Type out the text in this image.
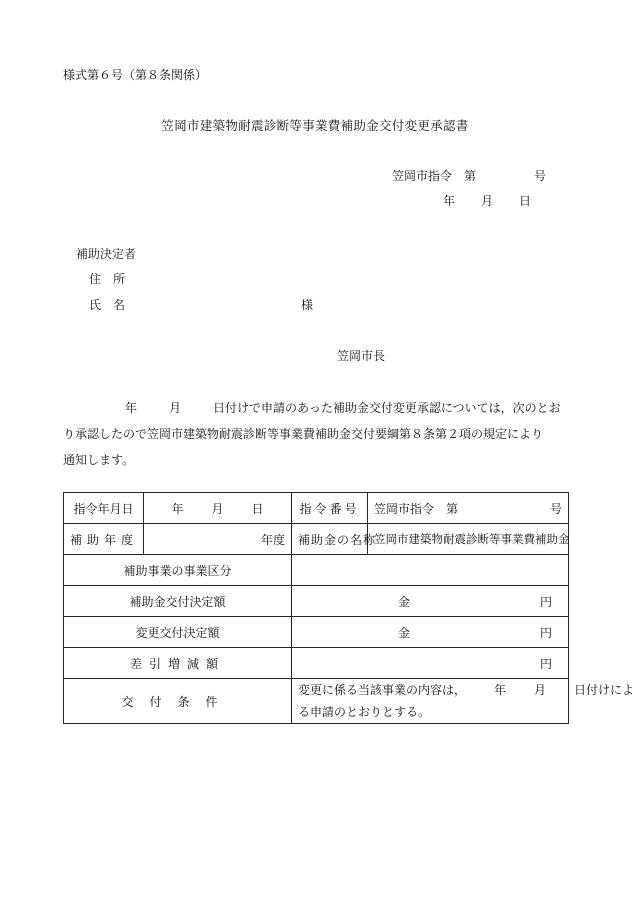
様式第６号（第８条関係）
笠岡市建築物耐震診断等事業費補助金交付変更承認書
笠岡市指令 第	号
年 月 日
補助決定者
住　所
氏　名	様
笠岡市長
年	月	日付けで申請のあった補助金交付変更承認については，次のとお
り承認したので笠岡市建築物耐震診断等事業費補助金交付要綱第８条第２項の規定により
通知します。
指令年月日	年 月 日	指令番号	笠岡市指令　第 号

補助年度	年度	補助金の名称	笠岡市建築物耐震診断等事業費補助金
補助事業の事業区分			
補助金交付決定額		金 円	
変更交付決定額		金 円	
差引増減額		円	
交付条件		変更に係る当該事業の内容は， 年 月 日付けによ
る申請のとおりとする。	
